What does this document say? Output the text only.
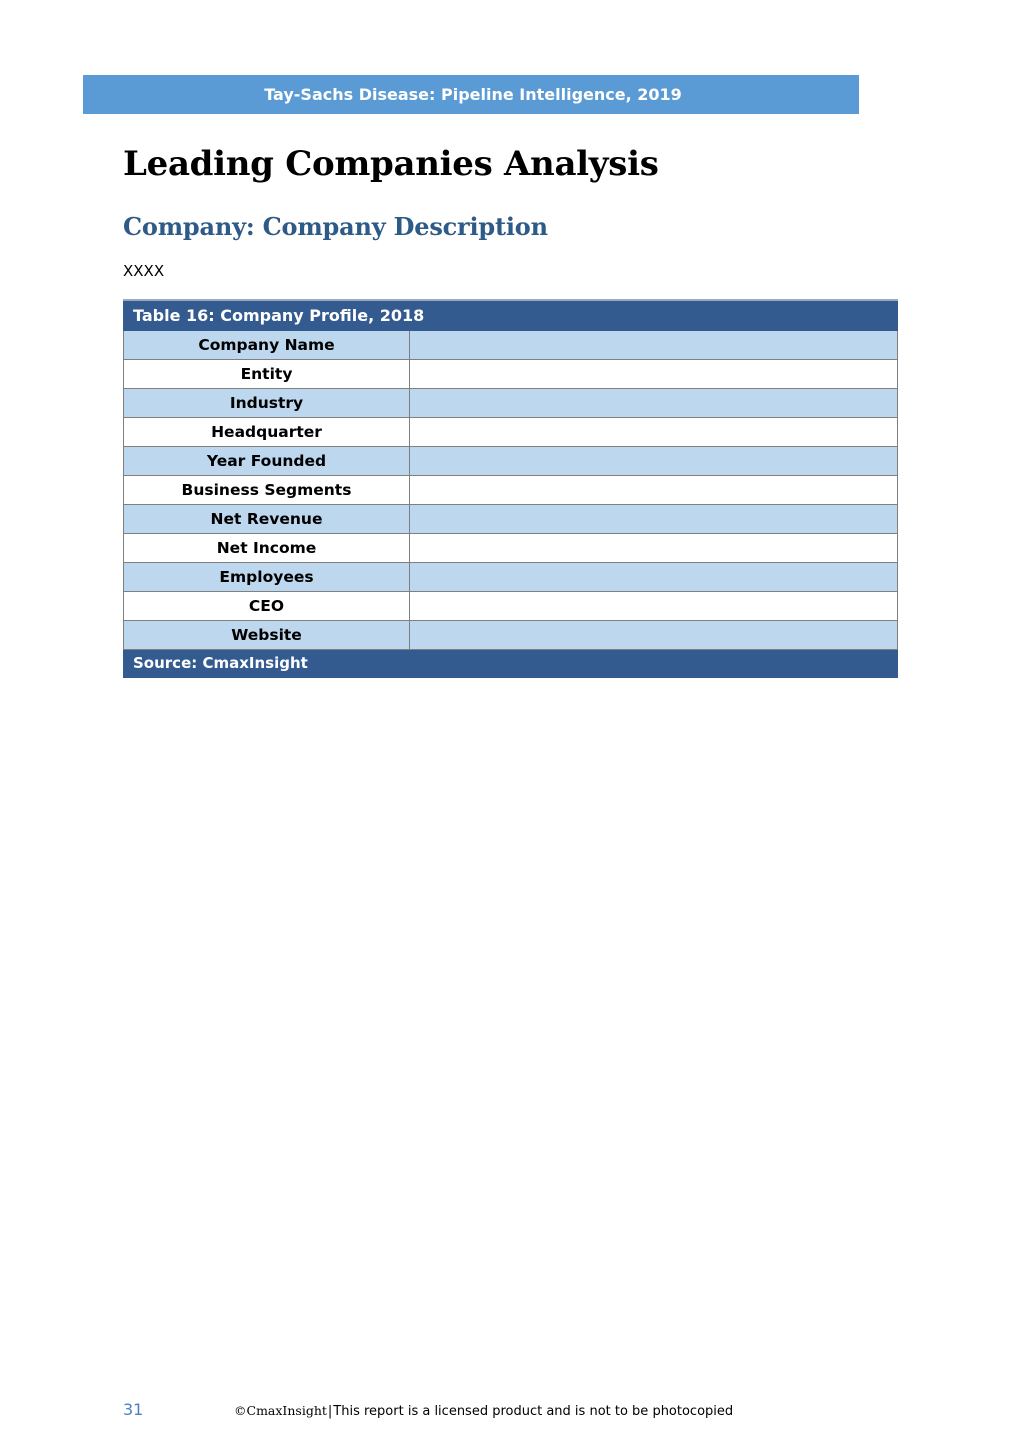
Tay-Sachs Disease: Pipeline Intelligence, 2019
Leading Companies Analysis
Company: Company Description
XXXX
Table 16: Company Profile, 2018	
Company Name	
Entity	
Industry	
Headquarter	
Year Founded	
Business Segments	
Net Revenue	
Net Income	
Employees	
CEO	
Website	
Source: CmaxInsight	
31	©CmaxInsight|This report is a licensed product and is not to be photocopied
